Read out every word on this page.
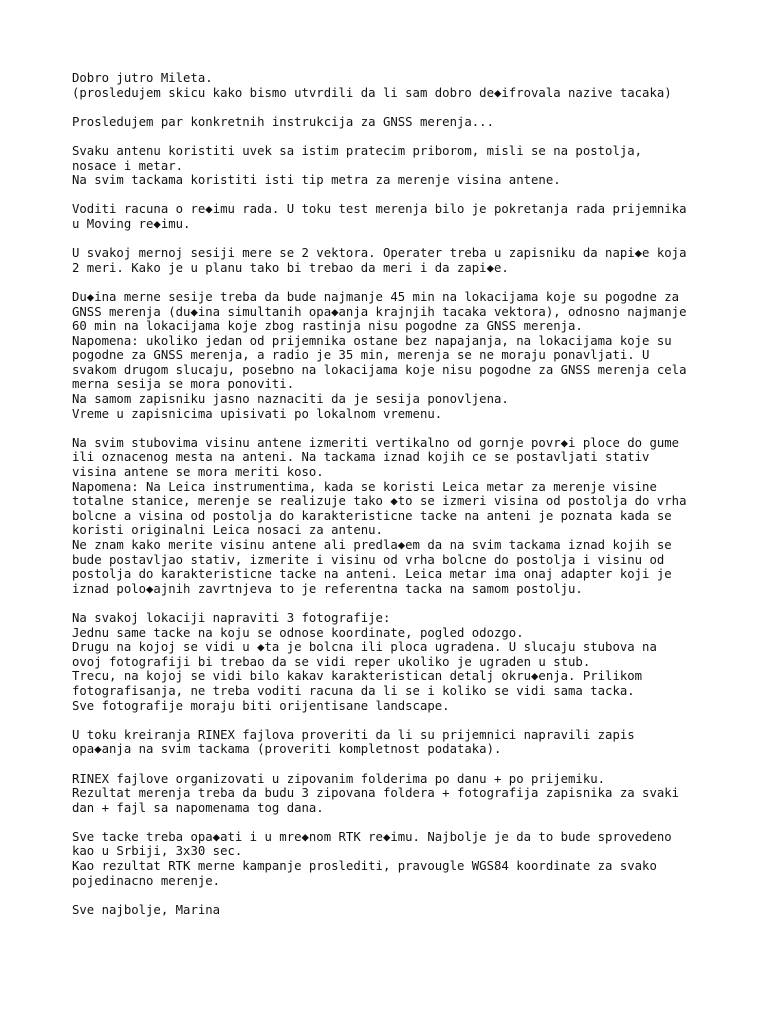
Dobro jutro Mileta.
(prosledujem skicu kako bismo utvrdili da li sam dobro de◆ifrovala nazive tacaka)
Prosledujem par konkretnih instrukcija za GNSS merenja...
Svaku antenu koristiti uvek sa istim pratecim priborom, misli se na postolja,
nosace i metar.
Na svim tackama koristiti isti tip metra za merenje visina antene.
Voditi racuna o re◆imu rada. U toku test merenja bilo je pokretanja rada prijemnika
u Moving re◆imu.
U svakoj mernoj sesiji mere se 2 vektora. Operater treba u zapisniku da napi◆e koja
2 meri. Kako je u planu tako bi trebao da meri i da zapi◆e.
Du◆ina merne sesije treba da bude najmanje 45 min na lokacijama koje su pogodne za
GNSS merenja (du◆ina simultanih opa◆anja krajnjih tacaka vektora), odnosno najmanje
60 min na lokacijama koje zbog rastinja nisu pogodne za GNSS merenja.
Napomena: ukoliko jedan od prijemnika ostane bez napajanja, na lokacijama koje su
pogodne za GNSS merenja, a radio je 35 min, merenja se ne moraju ponavljati. U
svakom drugom slucaju, posebno na lokacijama koje nisu pogodne za GNSS merenja cela
merna sesija se mora ponoviti.
Na samom zapisniku jasno naznaciti da je sesija ponovljena.
Vreme u zapisnicima upisivati po lokalnom vremenu.
Na svim stubovima visinu antene izmeriti vertikalno od gornje povr◆i ploce do gume
ili oznacenog mesta na anteni. Na tackama iznad kojih ce se postavljati stativ
visina antene se mora meriti koso.
Napomena: Na Leica instrumentima, kada se koristi Leica metar za merenje visine
totalne stanice, merenje se realizuje tako ◆to se izmeri visina od postolja do vrha
bolcne a visina od postolja do karakteristicne tacke na anteni je poznata kada se
koristi originalni Leica nosaci za antenu.
Ne znam kako merite visinu antene ali predla◆em da na svim tackama iznad kojih se
bude postavljao stativ, izmerite i visinu od vrha bolcne do postolja i visinu od
postolja do karakteristicne tacke na anteni. Leica metar ima onaj adapter koji je
iznad polo◆ajnih zavrtnjeva to je referentna tacka na samom postolju.
Na svakoj lokaciji napraviti 3 fotografije:
Jednu same tacke na koju se odnose koordinate, pogled odozgo.
Drugu na kojoj se vidi u ◆ta je bolcna ili ploca ugradena. U slucaju stubova na
ovoj fotografiji bi trebao da se vidi reper ukoliko je ugraden u stub.
Trecu, na kojoj se vidi bilo kakav karakteristican detalj okru◆enja. Prilikom
fotografisanja, ne treba voditi racuna da li se i koliko se vidi sama tacka.
Sve fotografije moraju biti orijentisane landscape.
U toku kreiranja RINEX fajlova proveriti da li su prijemnici napravili zapis
opa◆anja na svim tackama (proveriti kompletnost podataka).
RINEX fajlove organizovati u zipovanim folderima po danu + po prijemiku.
Rezultat merenja treba da budu 3 zipovana foldera + fotografija zapisnika za svaki
dan + fajl sa napomenama tog dana.
Sve tacke treba opa◆ati i u mre◆nom RTK re◆imu. Najbolje je da to bude sprovedeno
kao u Srbiji, 3x30 sec.
Kao rezultat RTK merne kampanje proslediti, pravougle WGS84 koordinate za svako
pojedinacno merenje.
Sve najbolje, Marina
